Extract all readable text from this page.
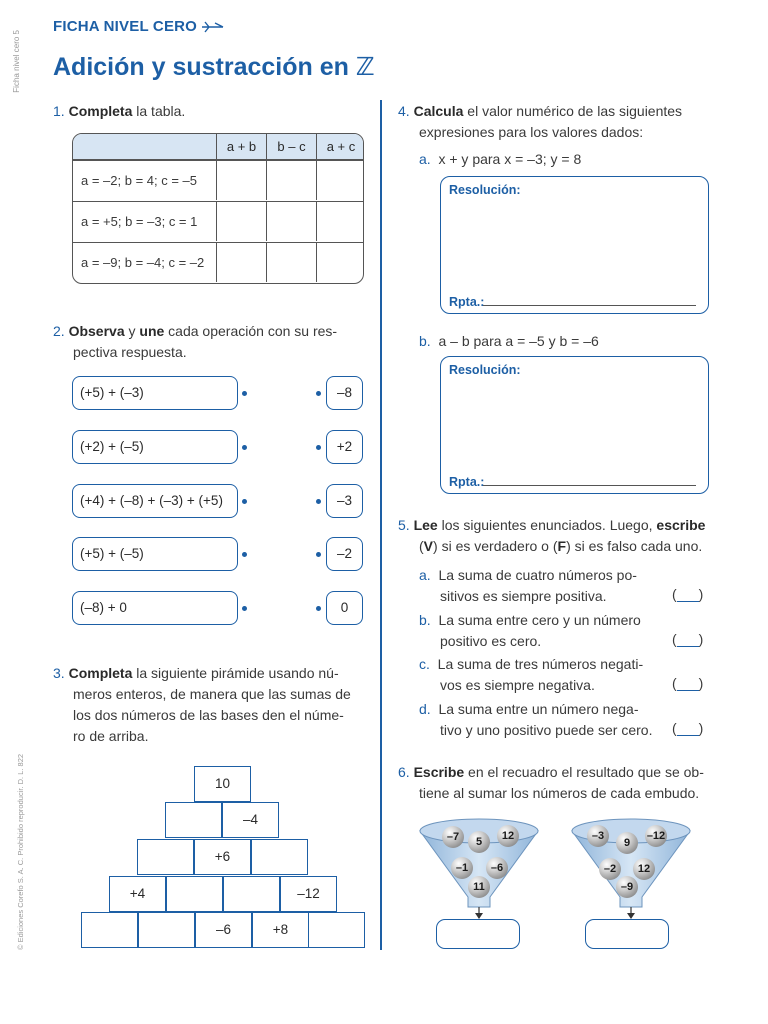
FICHA NIVEL CERO
Adición y sustracción en ℤ
Ficha nivel cero 5
© Ediciones Corefo S. A. C. Prohibido reproducir. D. L. 822
1. Completa la tabla.
a + b	b – c	a + c
a = –2; b = 4; c = –5
a = +5; b = –3; c = 1
a = –9; b = –4; c = –2
2. Observa y une cada operación con su res-
pectiva respuesta.
(+5) + (–3)
(+2) + (–5)
(+4) + (–8) + (–3) + (+5)
(+5) + (–5)
(–8) + 0
–8
+2
–3
–2
0
3. Completa la siguiente pirámide usando nú-
meros enteros, de manera que las sumas de
los dos números de las bases den el núme-
ro de arriba.
10
–4
+6
+4	–12
–6	+8
4. Calcula el valor numérico de las siguientes
expresiones para los valores dados:
a. x + y para x = –3; y = 8
Resolución:
Rpta.:
b. a – b para a = –5 y b = –6
Resolución:
Rpta.:
5. Lee los siguientes enunciados. Luego, escribe
(V) si es verdadero o (F) si es falso cada uno.
a. La suma de cuatro números po-
sitivos es siempre positiva.
b. La suma entre cero y un número
positivo es cero.
c. La suma de tres números negati-
vos es siempre negativa.
d. La suma entre un número nega-
tivo y uno positivo puede ser cero.
( )
( )
( )
( )
6. Escribe en el recuadro el resultado que se ob-
tiene al sumar los números de cada embudo.
–7	5	12
–1	–6
11
–3
9
–12
–2	12
–9
